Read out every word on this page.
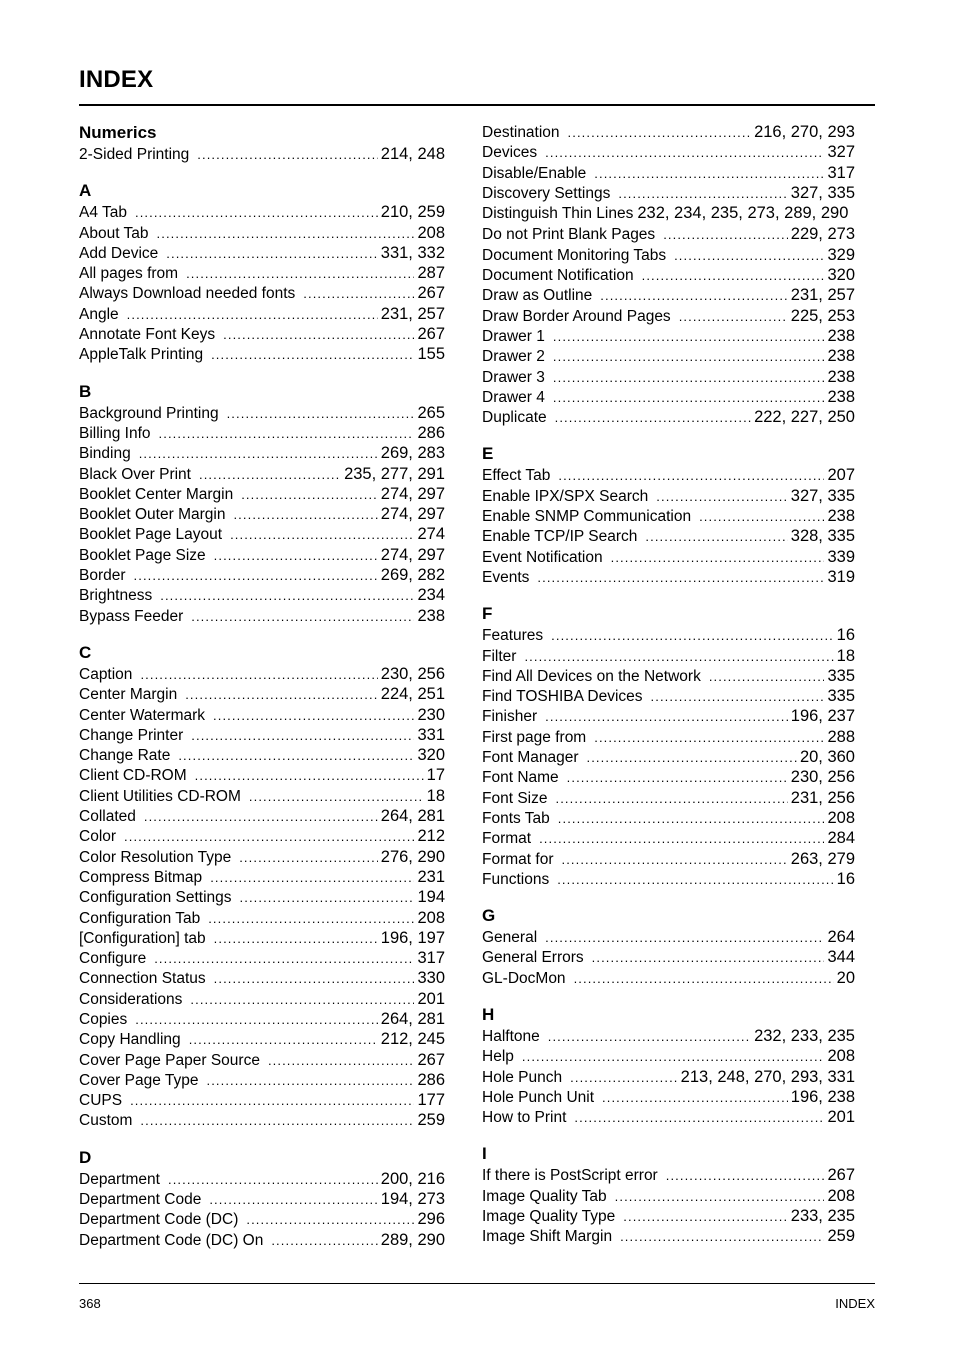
INDEX
Numerics
2-Sided Printing .....	214, 248
A
A4 Tab .....	210, 259
About Tab .....	208
Add Device .....	331, 332
All pages from .....	287
Always Download needed fonts .....	267
Angle .....	231, 257
Annotate Font Keys .....	267
AppleTalk Printing .....	155
B
Background Printing .....	265
Billing Info .....	286
Binding .....	269, 283
Black Over Print .....	235, 277, 291
Booklet Center Margin .....	274, 297
Booklet Outer Margin .....	274, 297
Booklet Page Layout .....	274
Booklet Page Size .....	274, 297
Border .....	269, 282
Brightness .....	234
Bypass Feeder .....	238
C
Caption .....	230, 256
Center Margin .....	224, 251
Center Watermark .....	230
Change Printer .....	331
Change Rate .....	320
Client CD-ROM .....	17
Client Utilities CD-ROM .....	18
Collated .....	264, 281
Color .....	212
Color Resolution Type .....	276, 290
Compress Bitmap .....	231
Configuration Settings .....	194
Configuration Tab .....	208
[Configuration] tab .....	196, 197
Configure .....	317
Connection Status .....	330
Considerations .....	201
Copies .....	264, 281
Copy Handling .....	212, 245
Cover Page Paper Source .....	267
Cover Page Type .....	286
CUPS .....	177
Custom .....	259
D
Department .....	200, 216
Department Code .....	194, 273
Department Code (DC) .....	296
Department Code (DC) On .....	289, 290
Destination .....	216, 270, 293
Devices .....	327
Disable/Enable .....	317
Discovery Settings .....	327, 335
Distinguish Thin Lines 232, 234, 235, 273, 289, 290
Do not Print Blank Pages .....	229, 273
Document Monitoring Tabs .....	329
Document Notification .....	320
Draw as Outline .....	231, 257
Draw Border Around Pages .....	225, 253
Drawer 1 .....	238
Drawer 2 .....	238
Drawer 3 .....	238
Drawer 4 .....	238
Duplicate .....	222, 227, 250
E
Effect Tab .....	207
Enable IPX/SPX Search .....	327, 335
Enable SNMP Communication .....	238
Enable TCP/IP Search .....	328, 335
Event Notification .....	339
Events .....	319
F
Features .....	16
Filter .....	18
Find All Devices on the Network .....	335
Find TOSHIBA Devices .....	335
Finisher .....	196, 237
First page from .....	288
Font Manager .....	20, 360
Font Name .....	230, 256
Font Size .....	231, 256
Fonts Tab .....	208
Format .....	284
Format for .....	263, 279
Functions .....	16
G
General .....	264
General Errors .....	344
GL-DocMon .....	20
H
Halftone .....	232, 233, 235
Help .....	208
Hole Punch .....	213, 248, 270, 293, 331
Hole Punch Unit .....	196, 238
How to Print .....	201
I
If there is PostScript error .....	267
Image Quality Tab .....	208
Image Quality Type .....	233, 235
Image Shift Margin .....	259
368	INDEX
